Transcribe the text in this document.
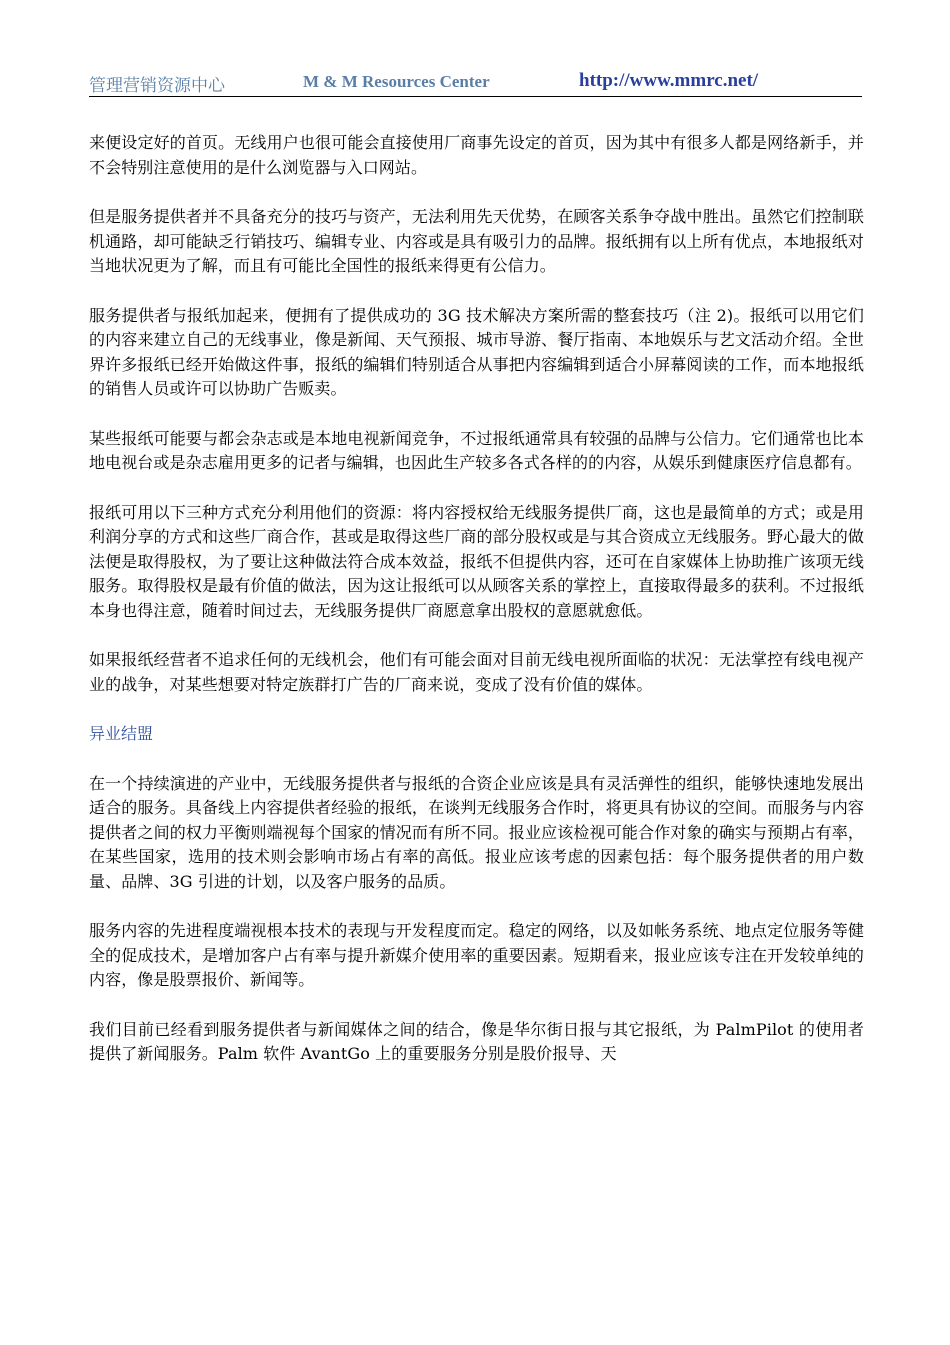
管理营销资源中心	M & M Resources Center	http://www.mmrc.net/

来便设定好的首页。无线用户也很可能会直接使用厂商事先设定的首页，因为其中有很多人都是网络新手，并不会特别注意使用的是什么浏览器与入口网站。

但是服务提供者并不具备充分的技巧与资产，无法利用先天优势，在顾客关系争夺战中胜出。虽然它们控制联机通路，却可能缺乏行销技巧、编辑专业、内容或是具有吸引力的品牌。报纸拥有以上所有优点，本地报纸对当地状况更为了解，而且有可能比全国性的报纸来得更有公信力。

服务提供者与报纸加起来，便拥有了提供成功的 3G 技术解决方案所需的整套技巧（注 2)。报纸可以用它们的内容来建立自己的无线事业，像是新闻、天气预报、城市导游、餐厅指南、本地娱乐与艺文活动介绍。全世界许多报纸已经开始做这件事，报纸的编辑们特别适合从事把内容编辑到适合小屏幕阅读的工作，而本地报纸的销售人员或许可以协助广告贩卖。

某些报纸可能要与都会杂志或是本地电视新闻竞争，不过报纸通常具有较强的品牌与公信力。它们通常也比本地电视台或是杂志雇用更多的记者与编辑，也因此生产较多各式各样的的内容，从娱乐到健康医疗信息都有。

报纸可用以下三种方式充分利用他们的资源：将内容授权给无线服务提供厂商，这也是最简单的方式；或是用利润分享的方式和这些厂商合作，甚或是取得这些厂商的部分股权或是与其合资成立无线服务。野心最大的做法便是取得股权，为了要让这种做法符合成本效益，报纸不但提供内容，还可在自家媒体上协助推广该项无线服务。取得股权是最有价值的做法，因为这让报纸可以从顾客关系的掌控上，直接取得最多的获利。不过报纸本身也得注意，随着时间过去，无线服务提供厂商愿意拿出股权的意愿就愈低。

如果报纸经营者不追求任何的无线机会，他们有可能会面对目前无线电视所面临的状况：无法掌控有线电视产业的战争，对某些想要对特定族群打广告的厂商来说，变成了没有价值的媒体。

异业结盟

在一个持续演进的产业中，无线服务提供者与报纸的合资企业应该是具有灵活弹性的组织，能够快速地发展出适合的服务。具备线上内容提供者经验的报纸，在谈判无线服务合作时，将更具有协议的空间。而服务与内容提供者之间的权力平衡则端视每个国家的情况而有所不同。报业应该检视可能合作对象的确实与预期占有率，在某些国家，选用的技术则会影响市场占有率的高低。报业应该考虑的因素包括：每个服务提供者的用户数量、品牌、3G 引进的计划，以及客户服务的品质。

服务内容的先进程度端视根本技术的表现与开发程度而定。稳定的网络，以及如帐务系统、地点定位服务等健全的促成技术，是增加客户占有率与提升新媒介使用率的重要因素。短期看来，报业应该专注在开发较单纯的内容，像是股票报价、新闻等。

我们目前已经看到服务提供者与新闻媒体之间的结合，像是华尔街日报与其它报纸，为 PalmPilot 的使用者提供了新闻服务。Palm 软件 AvantGo 上的重要服务分别是股价报导、天
